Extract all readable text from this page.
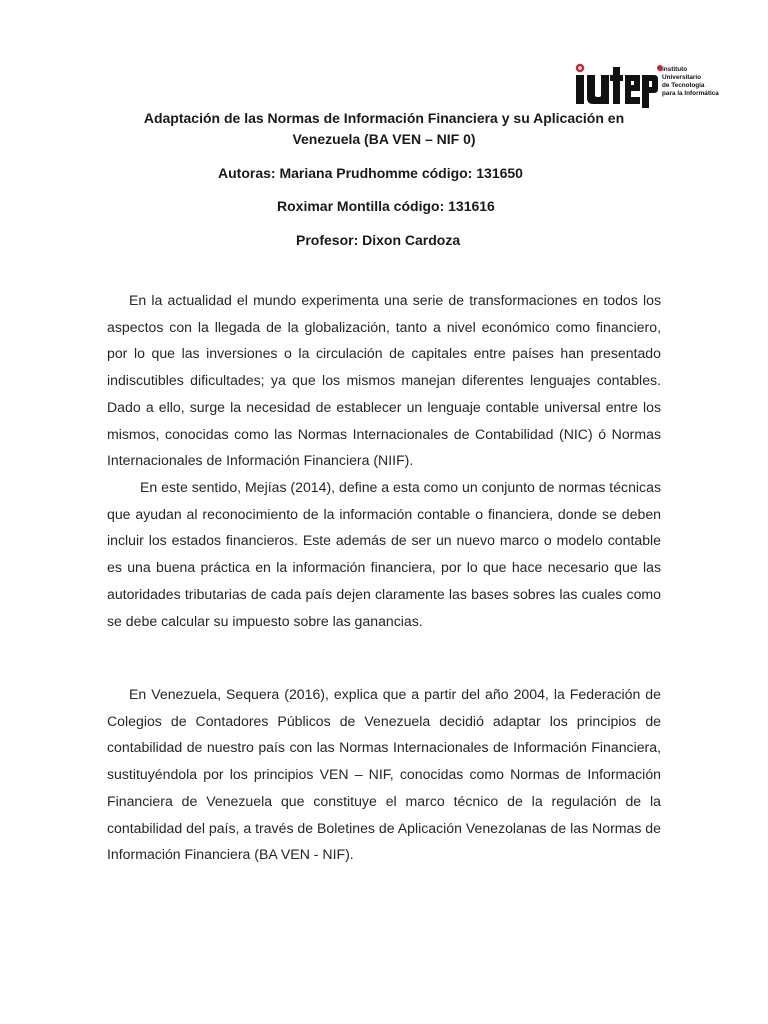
Instituto
Universitario
de Tecnología
para la Informática

Adaptación de las Normas de Información Financiera y su Aplicación en Venezuela (BA VEN – NIF 0)

Autoras: Mariana Prudhomme código: 131650

Roximar Montilla código: 131616

Profesor: Dixon Cardoza

En la actualidad el mundo experimenta una serie de transformaciones en todos los aspectos con la llegada de la globalización, tanto a nivel económico como financiero, por lo que las inversiones o la circulación de capitales entre países han presentado indiscutibles dificultades; ya que los mismos manejan diferentes lenguajes contables. Dado a ello, surge la necesidad de establecer un lenguaje contable universal entre los mismos, conocidas como las Normas Internacionales de Contabilidad (NIC) ó Normas Internacionales de Información Financiera (NIIF).

En este sentido, Mejías (2014), define a esta como un conjunto de normas técnicas que ayudan al reconocimiento de la información contable o financiera, donde se deben incluir los estados financieros. Este además de ser un nuevo marco o modelo contable es una buena práctica en la información financiera, por lo que hace necesario que las autoridades tributarias de cada país dejen claramente las bases sobres las cuales como se debe calcular su impuesto sobre las ganancias.

En Venezuela, Sequera (2016), explica que a partir del año 2004, la Federación de Colegios de Contadores Públicos de Venezuela decidió adaptar los principios de contabilidad de nuestro país con las Normas Internacionales de Información Financiera, sustituyéndola por los principios VEN – NIF, conocidas como Normas de Información Financiera de Venezuela que constituye el marco técnico de la regulación de la contabilidad del país, a través de Boletines de Aplicación Venezolanas de las Normas de Información Financiera (BA VEN - NIF).
